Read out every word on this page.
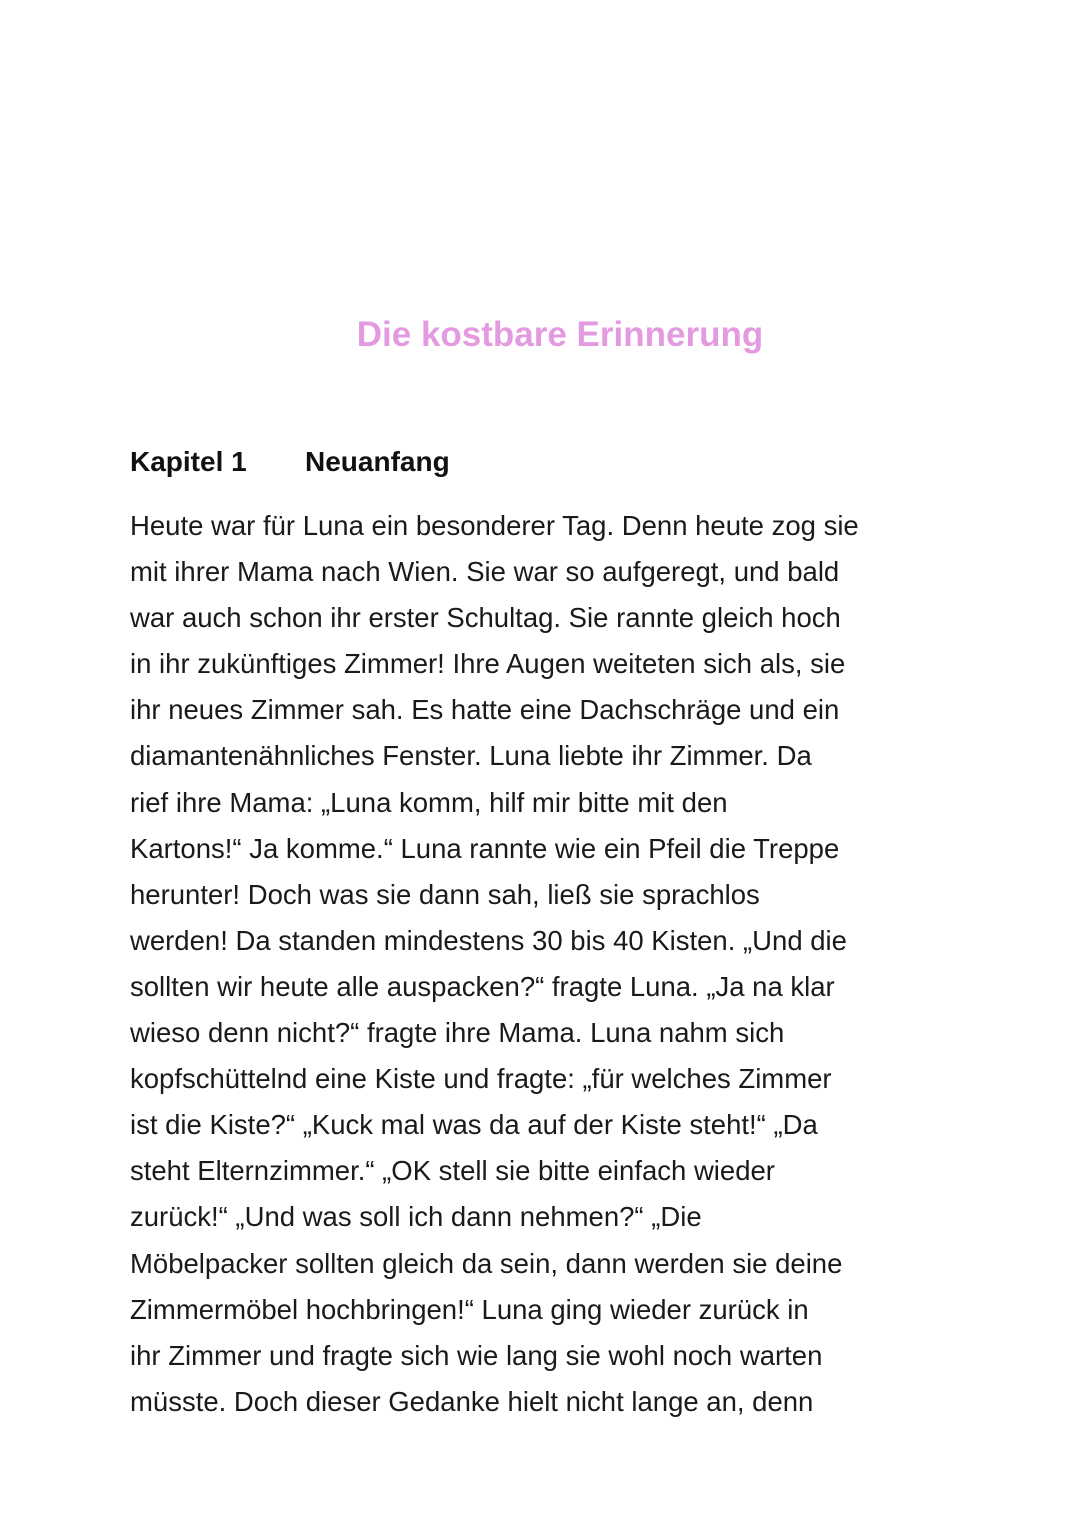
Die kostbare Erinnerung
Kapitel 1 Neuanfang
Heute war für Luna ein besonderer Tag. Denn heute zog sie
mit ihrer Mama nach Wien. Sie war so aufgeregt, und bald
war auch schon ihr erster Schultag. Sie rannte gleich hoch
in ihr zukünftiges Zimmer! Ihre Augen weiteten sich als, sie
ihr neues Zimmer sah. Es hatte eine Dachschräge und ein
diamantenähnliches Fenster. Luna liebte ihr Zimmer. Da
rief ihre Mama: „Luna komm, hilf mir bitte mit den
Kartons!“ Ja komme.“ Luna rannte wie ein Pfeil die Treppe
herunter! Doch was sie dann sah, ließ sie sprachlos
werden! Da standen mindestens 30 bis 40 Kisten. „Und die
sollten wir heute alle auspacken?“ fragte Luna. „Ja na klar
wieso denn nicht?“ fragte ihre Mama. Luna nahm sich
kopfschüttelnd eine Kiste und fragte: „für welches Zimmer
ist die Kiste?“ „Kuck mal was da auf der Kiste steht!“ „Da
steht Elternzimmer.“ „OK stell sie bitte einfach wieder
zurück!“ „Und was soll ich dann nehmen?“ „Die
Möbelpacker sollten gleich da sein, dann werden sie deine
Zimmermöbel hochbringen!“ Luna ging wieder zurück in
ihr Zimmer und fragte sich wie lang sie wohl noch warten
müsste. Doch dieser Gedanke hielt nicht lange an, denn
